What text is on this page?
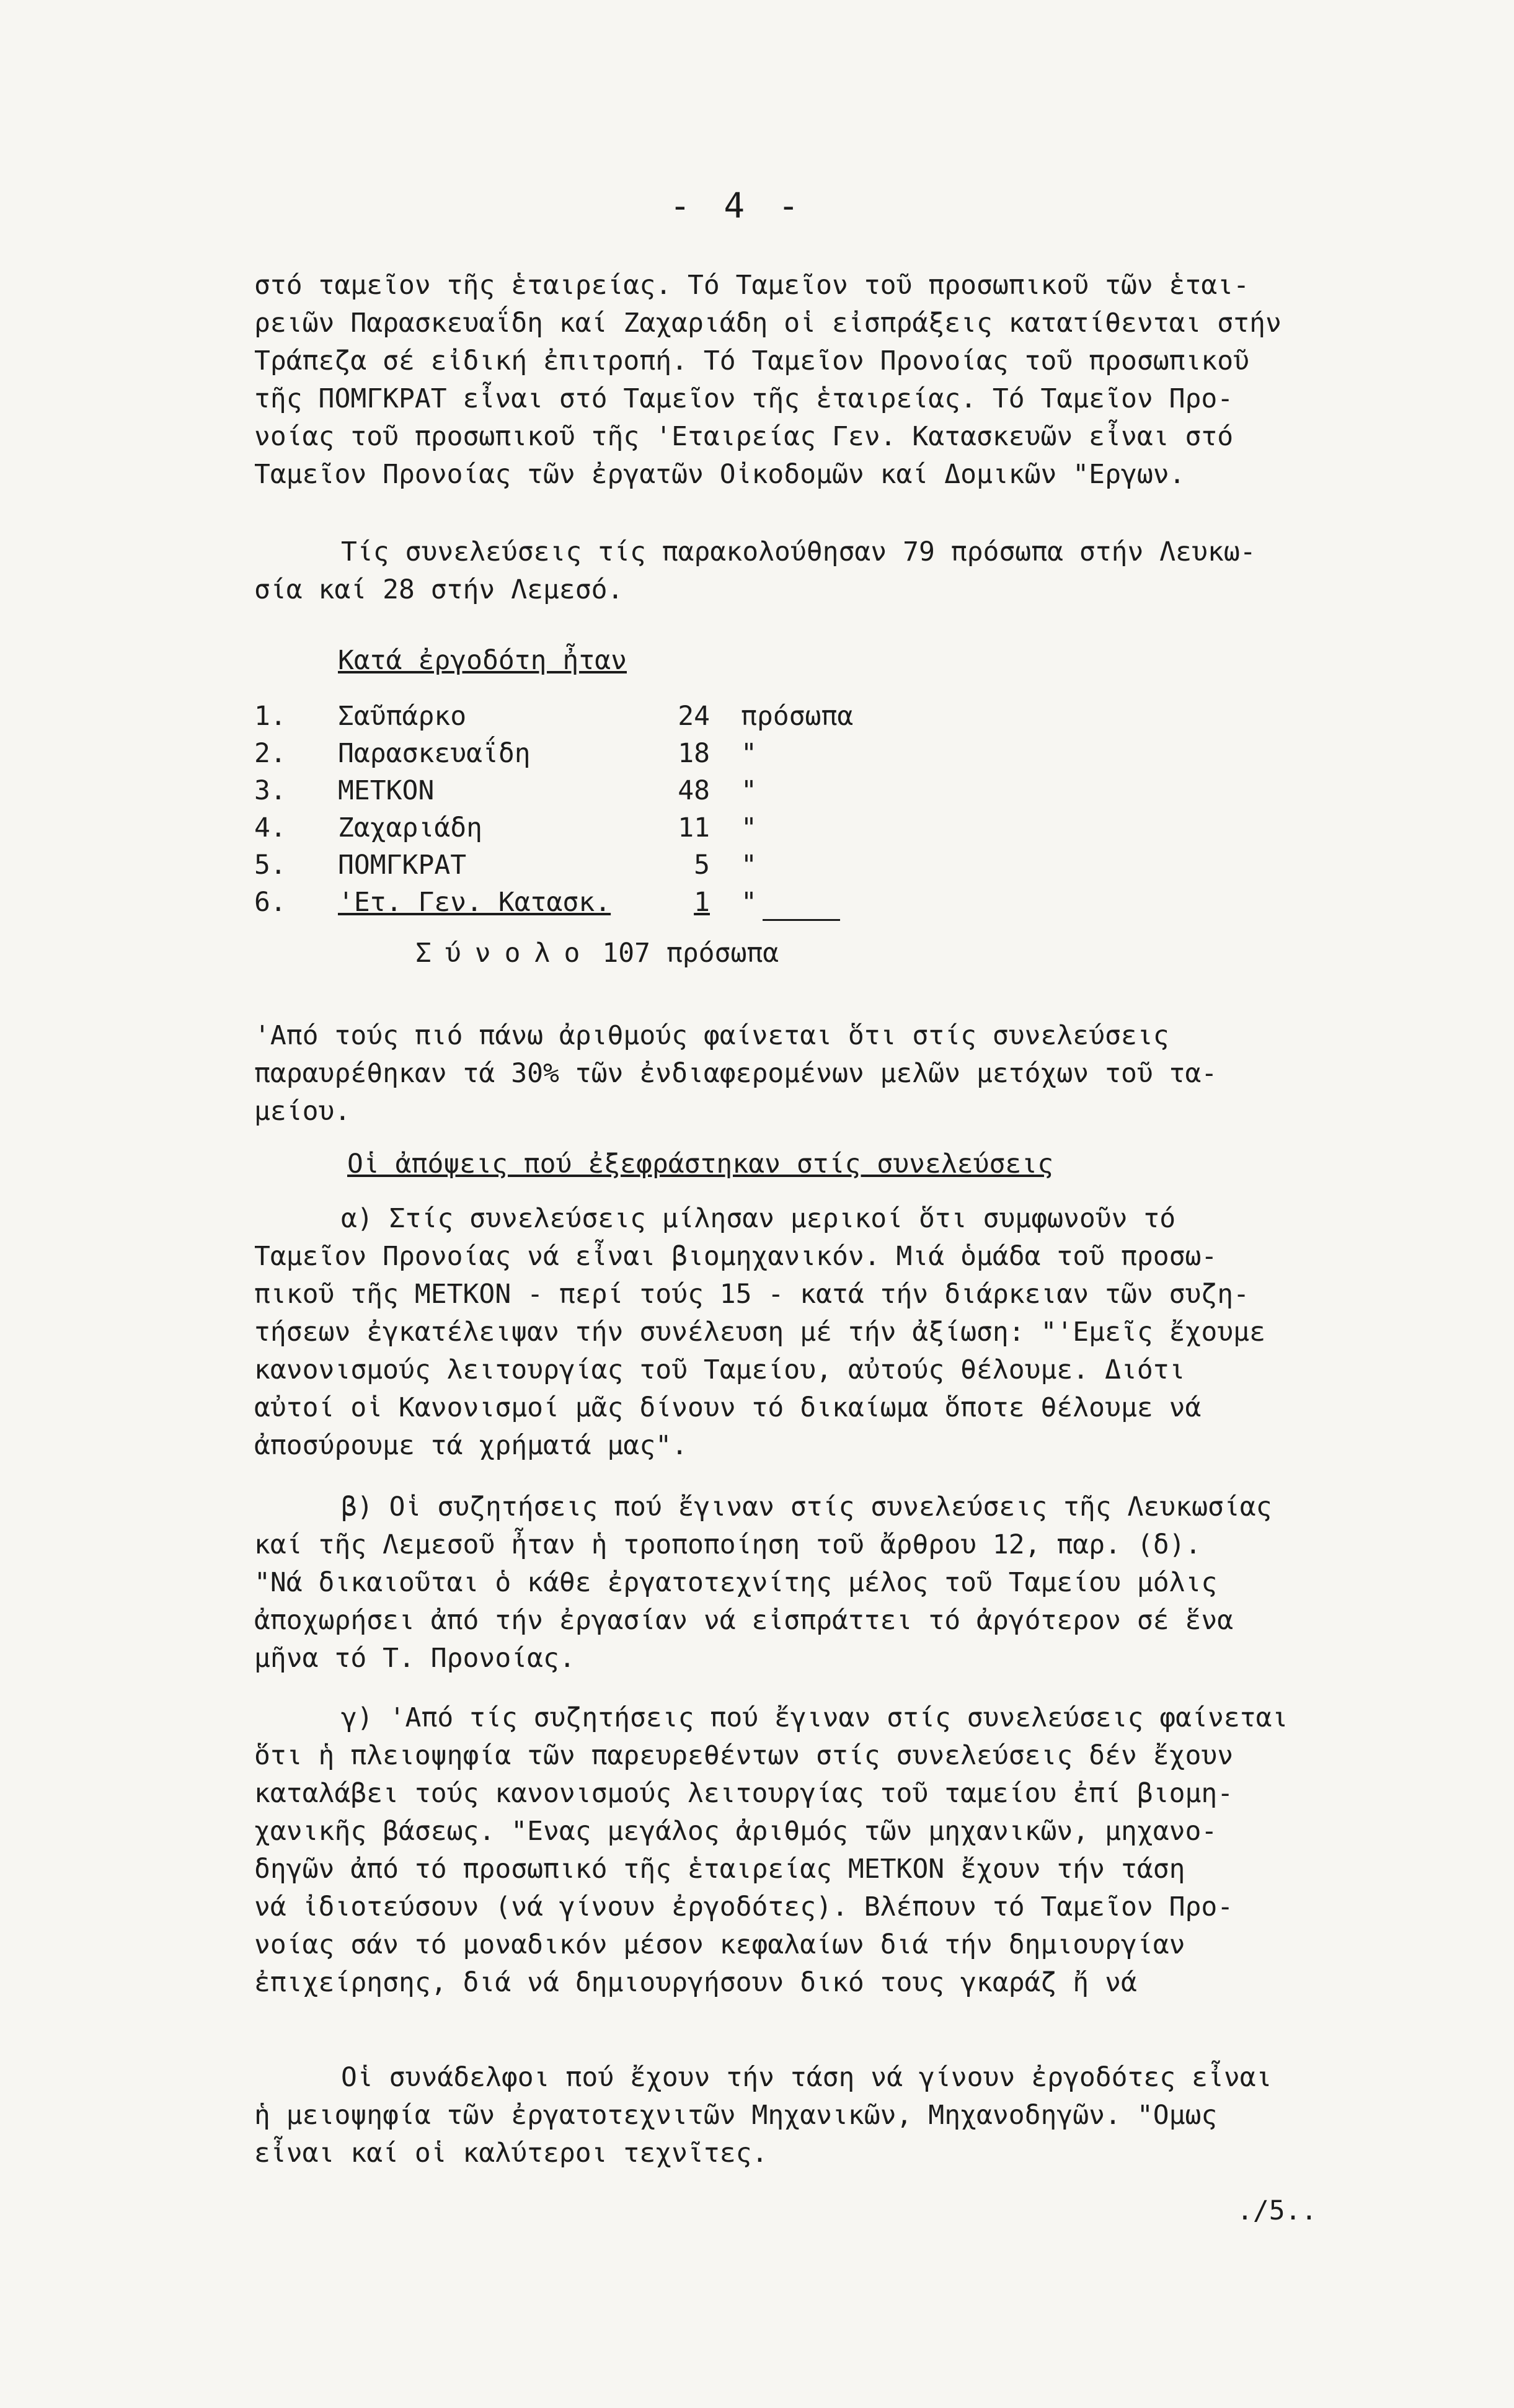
- 4 -
στό ταμεῖον τῆς ἑταιρείας. Τό Ταμεῖον τοῦ προσωπικοῦ τῶν ἑται-
ρειῶν Παρασκευαΐδη καί Ζαχαριάδη οἱ εἰσπράξεις κατατίθενται στήν
Τράπεζα σέ εἰδική ἐπιτροπή. Τό Ταμεῖον Προνοίας τοῦ προσωπικοῦ
τῆς ΠΟΜΓΚΡΑΤ εἶναι στό Ταμεῖον τῆς ἑταιρείας. Τό Ταμεῖον Προ-
νοίας τοῦ προσωπικοῦ τῆς 'Εταιρείας Γεν. Κατασκευῶν εἶναι στό
Ταμεῖον Προνοίας τῶν ἐργατῶν Οἰκοδομῶν καί Δομικῶν "Εργων.
Τίς συνελεύσεις τίς παρακολούθησαν 79 πρόσωπα στήν Λευκω-
σία καί 28 στήν Λεμεσό.
Κατά ἐργοδότη ἦταν
1. Σαῦπάρκο	24 πρόσωπα
2. Παρασκευαΐδη	18 "
3. ΜΕΤΚΟΝ	48 "
4. Ζαχαριάδη	11 "
5. ΠΟΜΓΚΡΑΤ	5 "
6. 'Ετ. Γεν. Κατασκ.	1 "
Σύνολο 107 πρόσωπα
'Από τούς πιό πάνω ἀριθμούς φαίνεται ὅτι στίς συνελεύσεις
παραυρέθηκαν τά 30% τῶν ἐνδιαφερομένων μελῶν μετόχων τοῦ τα-
μείου.
Οἱ ἀπόψεις πού ἐξεφράστηκαν στίς συνελεύσεις
α) Στίς συνελεύσεις μίλησαν μερικοί ὅτι συμφωνοῦν τό
Ταμεῖον Προνοίας νά εἶναι βιομηχανικόν. Μιά ὁμάδα τοῦ προσω-
πικοῦ τῆς ΜΕΤΚΟΝ - περί τούς 15 - κατά τήν διάρκειαν τῶν συζη-
τήσεων ἐγκατέλειψαν τήν συνέλευση μέ τήν ἀξίωση: "'Εμεῖς ἔχουμε
κανονισμούς λειτουργίας τοῦ Ταμείου, αὐτούς θέλουμε. Διότι
αὐτοί οἱ Κανονισμοί μᾶς δίνουν τό δικαίωμα ὅποτε θέλουμε νά
ἀποσύρουμε τά χρήματά μας".
β) Οἱ συζητήσεις πού ἔγιναν στίς συνελεύσεις τῆς Λευκωσίας
καί τῆς Λεμεσοῦ ἦταν ἡ τροποποίηση τοῦ ἄρθρου 12, παρ. (δ).
"Νά δικαιοῦται ὁ κάθε ἐργατοτεχνίτης μέλος τοῦ Ταμείου μόλις
ἀποχωρήσει ἀπό τήν ἐργασίαν νά εἰσπράττει τό ἀργότερον σέ ἕνα
μῆνα τό Τ. Προνοίας.
γ) 'Από τίς συζητήσεις πού ἔγιναν στίς συνελεύσεις φαίνεται
ὅτι ἡ πλειοψηφία τῶν παρευρεθέντων στίς συνελεύσεις δέν ἔχουν
καταλάβει τούς κανονισμούς λειτουργίας τοῦ ταμείου ἐπί βιομη-
χανικῆς βάσεως. "Ενας μεγάλος ἀριθμός τῶν μηχανικῶν, μηχανο-
δηγῶν ἀπό τό προσωπικό τῆς ἑταιρείας ΜΕΤΚΟΝ ἔχουν τήν τάση
νά ἰδιοτεύσουν (νά γίνουν ἐργοδότες). Βλέπουν τό Ταμεῖον Προ-
νοίας σάν τό μοναδικόν μέσον κεφαλαίων διά τήν δημιουργίαν
ἐπιχείρησης, διά νά δημιουργήσουν δικό τους γκαράζ ἤ νά
Οἱ συνάδελφοι πού ἔχουν τήν τάση νά γίνουν ἐργοδότες εἶναι
ἡ μειοψηφία τῶν ἐργατοτεχνιτῶν Μηχανικῶν, Μηχανοδηγῶν. "Ομως
εἶναι καί οἱ καλύτεροι τεχνῖτες.
./5..
